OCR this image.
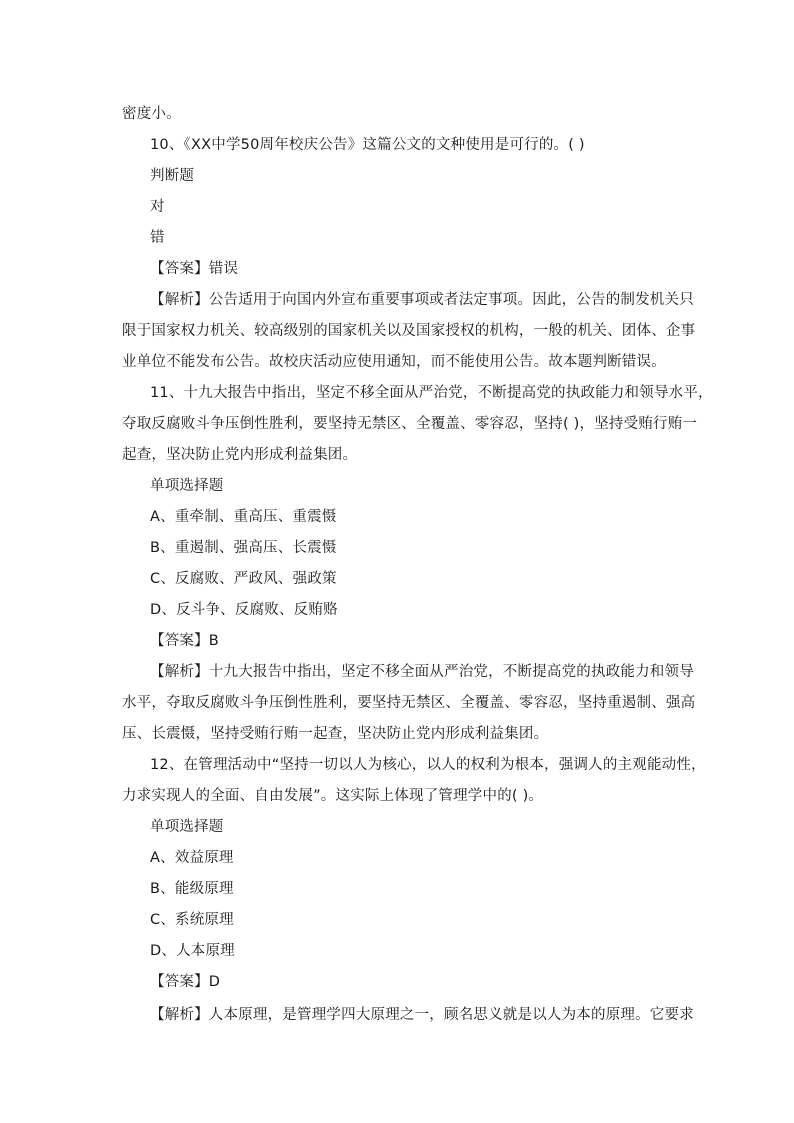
密度小。
10、《XX中学50周年校庆公告》这篇公文的文种使用是可行的。( )
判断题
对
错
【答案】错误
【解析】公告适用于向国内外宣布重要事项或者法定事项。因此，公告的制发机关只
限于国家权力机关、较高级别的国家机关以及国家授权的机构，一般的机关、团体、企事
业单位不能发布公告。故校庆活动应使用通知，而不能使用公告。故本题判断错误。
11、十九大报告中指出，坚定不移全面从严治党，不断提高党的执政能力和领导水平，
夺取反腐败斗争压倒性胜利，要坚持无禁区、全覆盖、零容忍，坚持( )，坚持受贿行贿一
起查，坚决防止党内形成利益集团。
单项选择题
A、重牵制、重高压、重震慑
B、重遏制、强高压、长震慑
C、反腐败、严政风、强政策
D、反斗争、反腐败、反贿赂
【答案】B
【解析】十九大报告中指出，坚定不移全面从严治党，不断提高党的执政能力和领导
水平，夺取反腐败斗争压倒性胜利，要坚持无禁区、全覆盖、零容忍，坚持重遏制、强高
压、长震慑，坚持受贿行贿一起查，坚决防止党内形成利益集团。
12、在管理活动中“坚持一切以人为核心，以人的权利为根本，强调人的主观能动性，
力求实现人的全面、自由发展”。这实际上体现了管理学中的( )。
单项选择题
A、效益原理
B、能级原理
C、系统原理
D、人本原理
【答案】D
【解析】人本原理，是管理学四大原理之一，顾名思义就是以人为本的原理。它要求
